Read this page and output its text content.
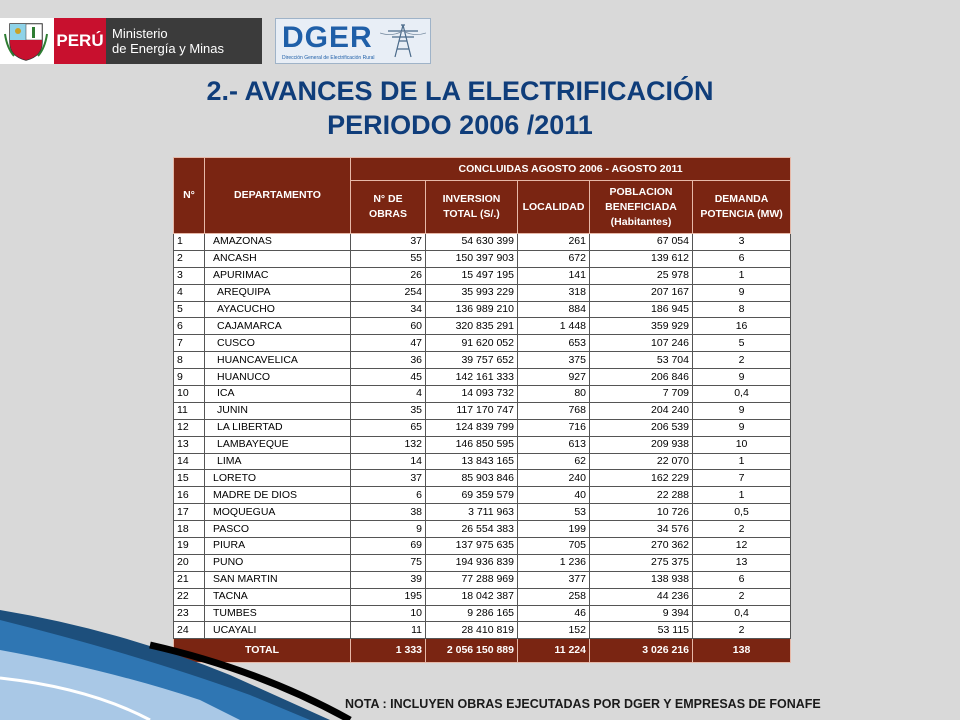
PERÚ Ministerio
de Energía y Minas	DGER
Dirección General de Electrificación Rural
2.- AVANCES DE LA ELECTRIFICACIÓN
PERIODO 2006 /2011
N°	DEPARTAMENTO	CONCLUIDAS AGOSTO 2006 - AGOSTO 2011				
		N° DE OBRAS	INVERSION TOTAL (S/.)	LOCALIDAD	POBLACION BENEFICIADA (Habitantes)	DEMANDA POTENCIA (MW)
1	AMAZONAS	37	54 630 399	261	67 054	3
2	ANCASH	55	150 397 903	672	139 612	6
3	APURIMAC	26	15 497 195	141	25 978	1
4	AREQUIPA	254	35 993 229	318	207 167	9
5	AYACUCHO	34	136 989 210	884	186 945	8
6	CAJAMARCA	60	320 835 291	1 448	359 929	16
7	CUSCO	47	91 620 052	653	107 246	5
8	HUANCAVELICA	36	39 757 652	375	53 704	2
9	HUANUCO	45	142 161 333	927	206 846	9
10	ICA	4	14 093 732	80	7 709	0,4
11	JUNIN	35	117 170 747	768	204 240	9
12	LA LIBERTAD	65	124 839 799	716	206 539	9
13	LAMBAYEQUE	132	146 850 595	613	209 938	10
14	LIMA	14	13 843 165	62	22 070	1
15	LORETO	37	85 903 846	240	162 229	7
16	MADRE DE DIOS	6	69 359 579	40	22 288	1
17	MOQUEGUA	38	3 711 963	53	10 726	0,5
18	PASCO	9	26 554 383	199	34 576	2
19	PIURA	69	137 975 635	705	270 362	12
20	PUNO	75	194 936 839	1 236	275 375	13
21	SAN MARTIN	39	77 288 969	377	138 938	6
22	TACNA	195	18 042 387	258	44 236	2
23	TUMBES	10	9 286 165	46	9 394	0,4
24	UCAYALI	11	28 410 819	152	53 115	2
TOTAL		1 333	2 056 150 889	11 224	3 026 216	138
NOTA : INCLUYEN OBRAS EJECUTADAS POR DGER Y EMPRESAS DE FONAFE
